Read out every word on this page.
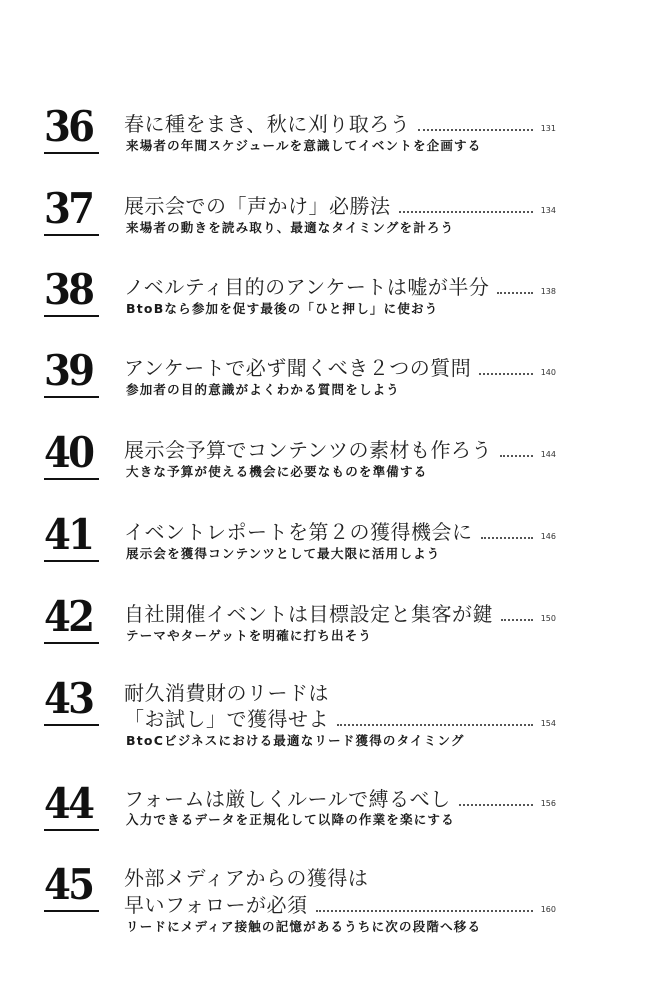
36 春に種をまき、秋に刈り取ろう	131
来場者の年間スケジュールを意識してイベントを企画する
37 展示会での「声かけ」必勝法	134
来場者の動きを読み取り、最適なタイミングを計ろう
38 ノベルティ目的のアンケートは嘘が半分	138
BtoBなら参加を促す最後の「ひと押し」に使おう
39 アンケートで必ず聞くべき２つの質問	140
参加者の目的意識がよくわかる質問をしよう
40 展示会予算でコンテンツの素材も作ろう	144
大きな予算が使える機会に必要なものを準備する
41 イベントレポートを第２の獲得機会に	146
展示会を獲得コンテンツとして最大限に活用しよう
42 自社開催イベントは目標設定と集客が鍵	150
テーマやターゲットを明確に打ち出そう
43 耐久消費財のリードは
「お試し」で獲得せよ	154
BtoCビジネスにおける最適なリード獲得のタイミング
44 フォームは厳しくルールで縛るべし	156
入力できるデータを正規化して以降の作業を楽にする
45 外部メディアからの獲得は
早いフォローが必須	160
リードにメディア接触の記憶があるうちに次の段階へ移る
